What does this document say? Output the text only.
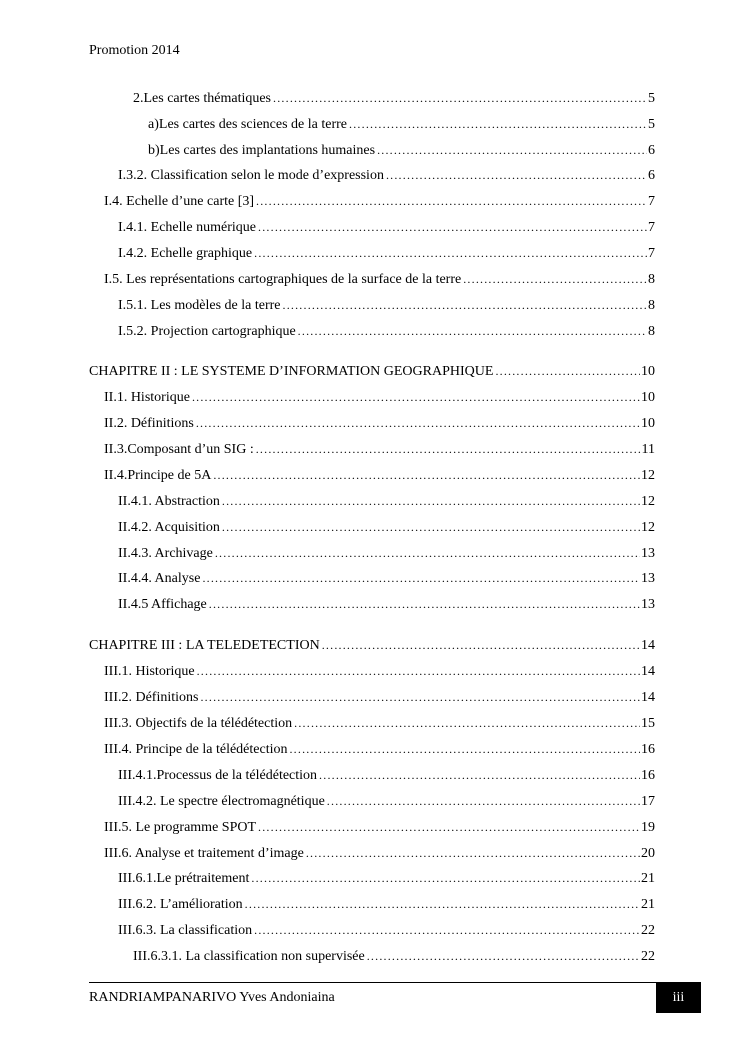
Promotion 2014
2. Les cartes thématiques .....	5
a) Les cartes des sciences de la terre .....	5
b) Les cartes des implantations humaines .....	6
I.3.2. Classification selon le mode d’expression .....	6
I.4. Echelle d’une carte [3] .....	7
I.4.1. Echelle numérique .....	7
I.4.2. Echelle graphique .....	7
I.5. Les représentations cartographiques de la surface de la terre .....	8
I.5.1. Les modèles de la terre .....	8
I.5.2. Projection cartographique .....	8
CHAPITRE II : LE SYSTEME D’INFORMATION GEOGRAPHIQUE .....	10
II.1. Historique .....	10
II.2. Définitions .....	10
II.3.Composant d’un SIG : .....	11
II.4.Principe de 5A .....	12
II.4.1. Abstraction .....	12
II.4.2. Acquisition .....	12
II.4.3. Archivage .....	13
II.4.4. Analyse .....	13
II.4.5 Affichage .....	13
CHAPITRE III : LA TELEDETECTION .....	14
III.1. Historique .....	14
III.2. Définitions .....	14
III.3. Objectifs de la télédétection .....	15
III.4. Principe de la télédétection .....	16
III.4.1.Processus de la télédétection .....	16
III.4.2. Le spectre électromagnétique .....	17
III.5. Le programme SPOT .....	19
III.6. Analyse et traitement d’image .....	20
III.6.1.Le prétraitement .....	21
III.6.2. L’amélioration .....	21
III.6.3. La classification .....	22
III.6.3.1. La classification non supervisée .....	22
RANDRIAMPANARIVO Yves Andoniaina	iii
